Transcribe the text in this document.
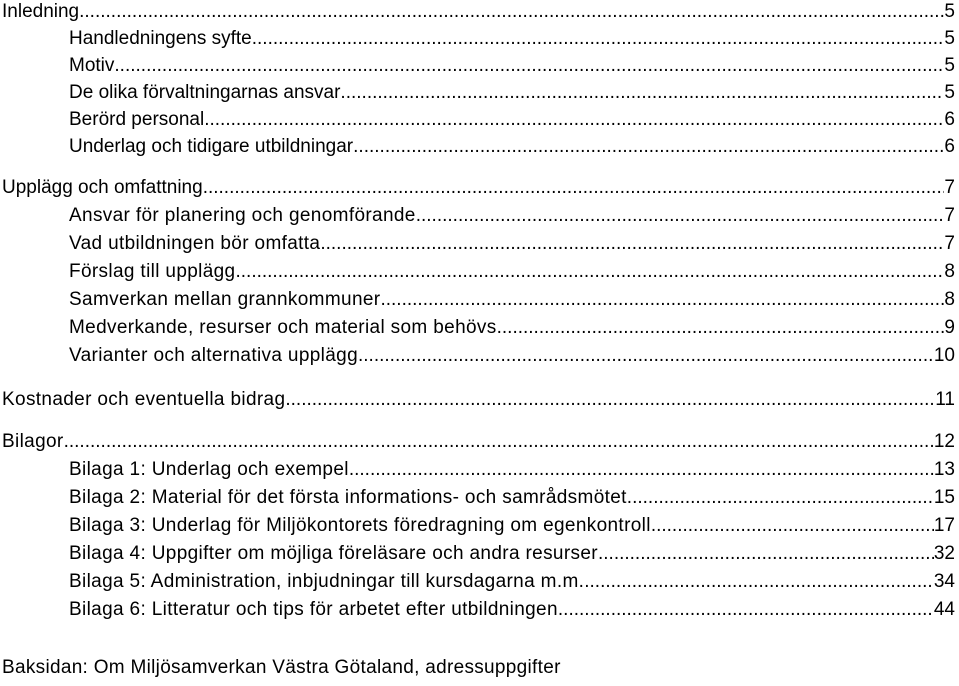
Inledning .....	5
Handledningens syfte .....	5
Motiv .....	5
De olika förvaltningarnas ansvar .....	5
Berörd personal .....	6
Underlag och tidigare utbildningar .....	6
Upplägg och omfattning .....	7
Ansvar för planering och genomförande .....	7
Vad utbildningen bör omfatta .....	7
Förslag till upplägg .....	8
Samverkan mellan grannkommuner .....	8
Medverkande, resurser och material som behövs .....	9
Varianter och alternativa upplägg .....	10
Kostnader och eventuella bidrag .....	11
Bilagor .....	12
Bilaga 1: Underlag och exempel .....	13
Bilaga 2: Material för det första informations- och samrådsmötet .....	15
Bilaga 3: Underlag för Miljökontorets föredragning om egenkontroll .....	17
Bilaga 4: Uppgifter om möjliga föreläsare och andra resurser .....	32
Bilaga 5: Administration, inbjudningar till kursdagarna m.m. .....	34
Bilaga 6: Litteratur och tips för arbetet efter utbildningen .....	44
Baksidan: Om Miljösamverkan Västra Götaland, adressuppgifter
